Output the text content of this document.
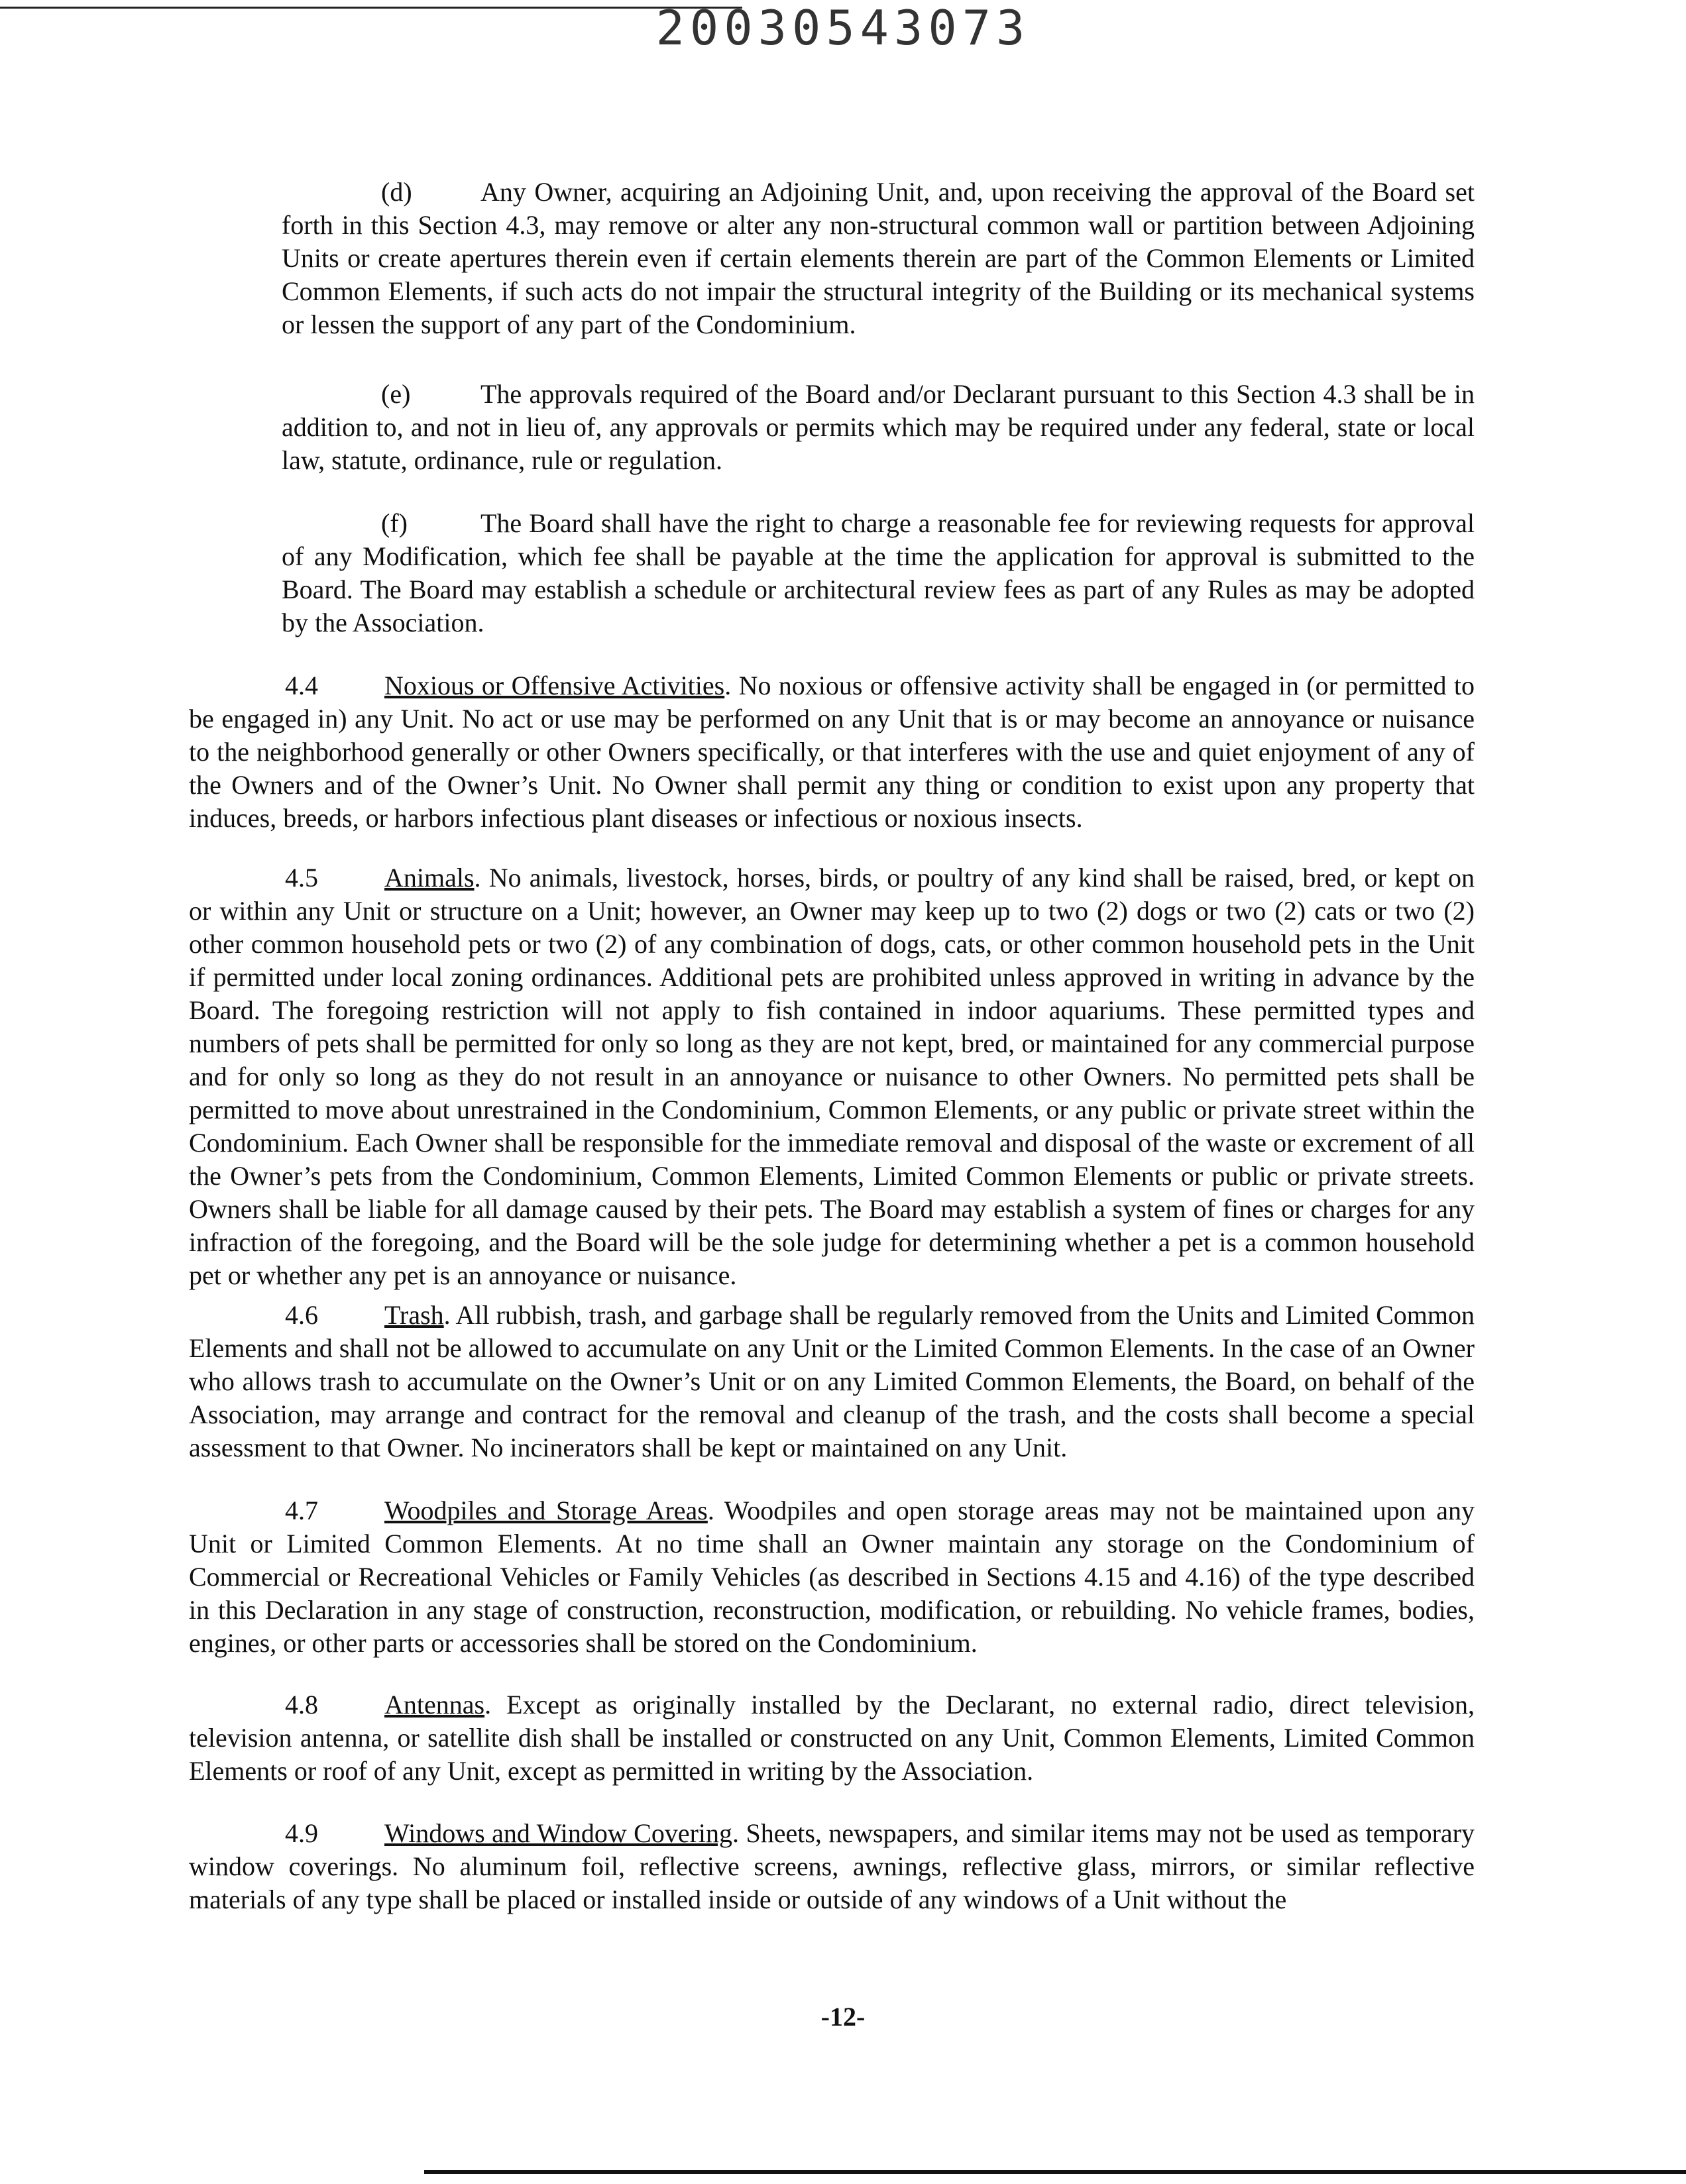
20030543073

(d)	Any Owner, acquiring an Adjoining Unit, and, upon receiving the approval of the Board set forth in this Section 4.3, may remove or alter any non-structural common wall or partition between Adjoining Units or create apertures therein even if certain elements therein are part of the Common Elements or Limited Common Elements, if such acts do not impair the structural integrity of the Building or its mechanical systems or lessen the support of any part of the Condominium.

(e)	The approvals required of the Board and/or Declarant pursuant to this Section 4.3 shall be in addition to, and not in lieu of, any approvals or permits which may be required under any federal, state or local law, statute, ordinance, rule or regulation.

(f)	The Board shall have the right to charge a reasonable fee for reviewing requests for approval of any Modification, which fee shall be payable at the time the application for approval is submitted to the Board. The Board may establish a schedule or architectural review fees as part of any Rules as may be adopted by the Association.

4.4	Noxious or Offensive Activities. No noxious or offensive activity shall be engaged in (or permitted to be engaged in) any Unit. No act or use may be performed on any Unit that is or may become an annoyance or nuisance to the neighborhood generally or other Owners specifically, or that interferes with the use and quiet enjoyment of any of the Owners and of the Owner’s Unit. No Owner shall permit any thing or condition to exist upon any property that induces, breeds, or harbors infectious plant diseases or infectious or noxious insects.

4.5	Animals. No animals, livestock, horses, birds, or poultry of any kind shall be raised, bred, or kept on or within any Unit or structure on a Unit; however, an Owner may keep up to two (2) dogs or two (2) cats or two (2) other common household pets or two (2) of any combination of dogs, cats, or other common household pets in the Unit if permitted under local zoning ordinances. Additional pets are prohibited unless approved in writing in advance by the Board. The foregoing restriction will not apply to fish contained in indoor aquariums. These permitted types and numbers of pets shall be permitted for only so long as they are not kept, bred, or maintained for any commercial purpose and for only so long as they do not result in an annoyance or nuisance to other Owners. No permitted pets shall be permitted to move about unrestrained in the Condominium, Common Elements, or any public or private street within the Condominium. Each Owner shall be responsible for the immediate removal and disposal of the waste or excrement of all the Owner’s pets from the Condominium, Common Elements, Limited Common Elements or public or private streets. Owners shall be liable for all damage caused by their pets. The Board may establish a system of fines or charges for any infraction of the foregoing, and the Board will be the sole judge for determining whether a pet is a common household pet or whether any pet is an annoyance or nuisance.

4.6	Trash. All rubbish, trash, and garbage shall be regularly removed from the Units and Limited Common Elements and shall not be allowed to accumulate on any Unit or the Limited Common Elements. In the case of an Owner who allows trash to accumulate on the Owner’s Unit or on any Limited Common Elements, the Board, on behalf of the Association, may arrange and contract for the removal and cleanup of the trash, and the costs shall become a special assessment to that Owner. No incinerators shall be kept or maintained on any Unit.

4.7	Woodpiles and Storage Areas. Woodpiles and open storage areas may not be maintained upon any Unit or Limited Common Elements. At no time shall an Owner maintain any storage on the Condominium of Commercial or Recreational Vehicles or Family Vehicles (as described in Sections 4.15 and 4.16) of the type described in this Declaration in any stage of construction, reconstruction, modification, or rebuilding. No vehicle frames, bodies, engines, or other parts or accessories shall be stored on the Condominium.

4.8	Antennas. Except as originally installed by the Declarant, no external radio, direct television, television antenna, or satellite dish shall be installed or constructed on any Unit, Common Elements, Limited Common Elements or roof of any Unit, except as permitted in writing by the Association.

4.9	Windows and Window Covering. Sheets, newspapers, and similar items may not be used as temporary window coverings. No aluminum foil, reflective screens, awnings, reflective glass, mirrors, or similar reflective materials of any type shall be placed or installed inside or outside of any windows of a Unit without the

-12-
